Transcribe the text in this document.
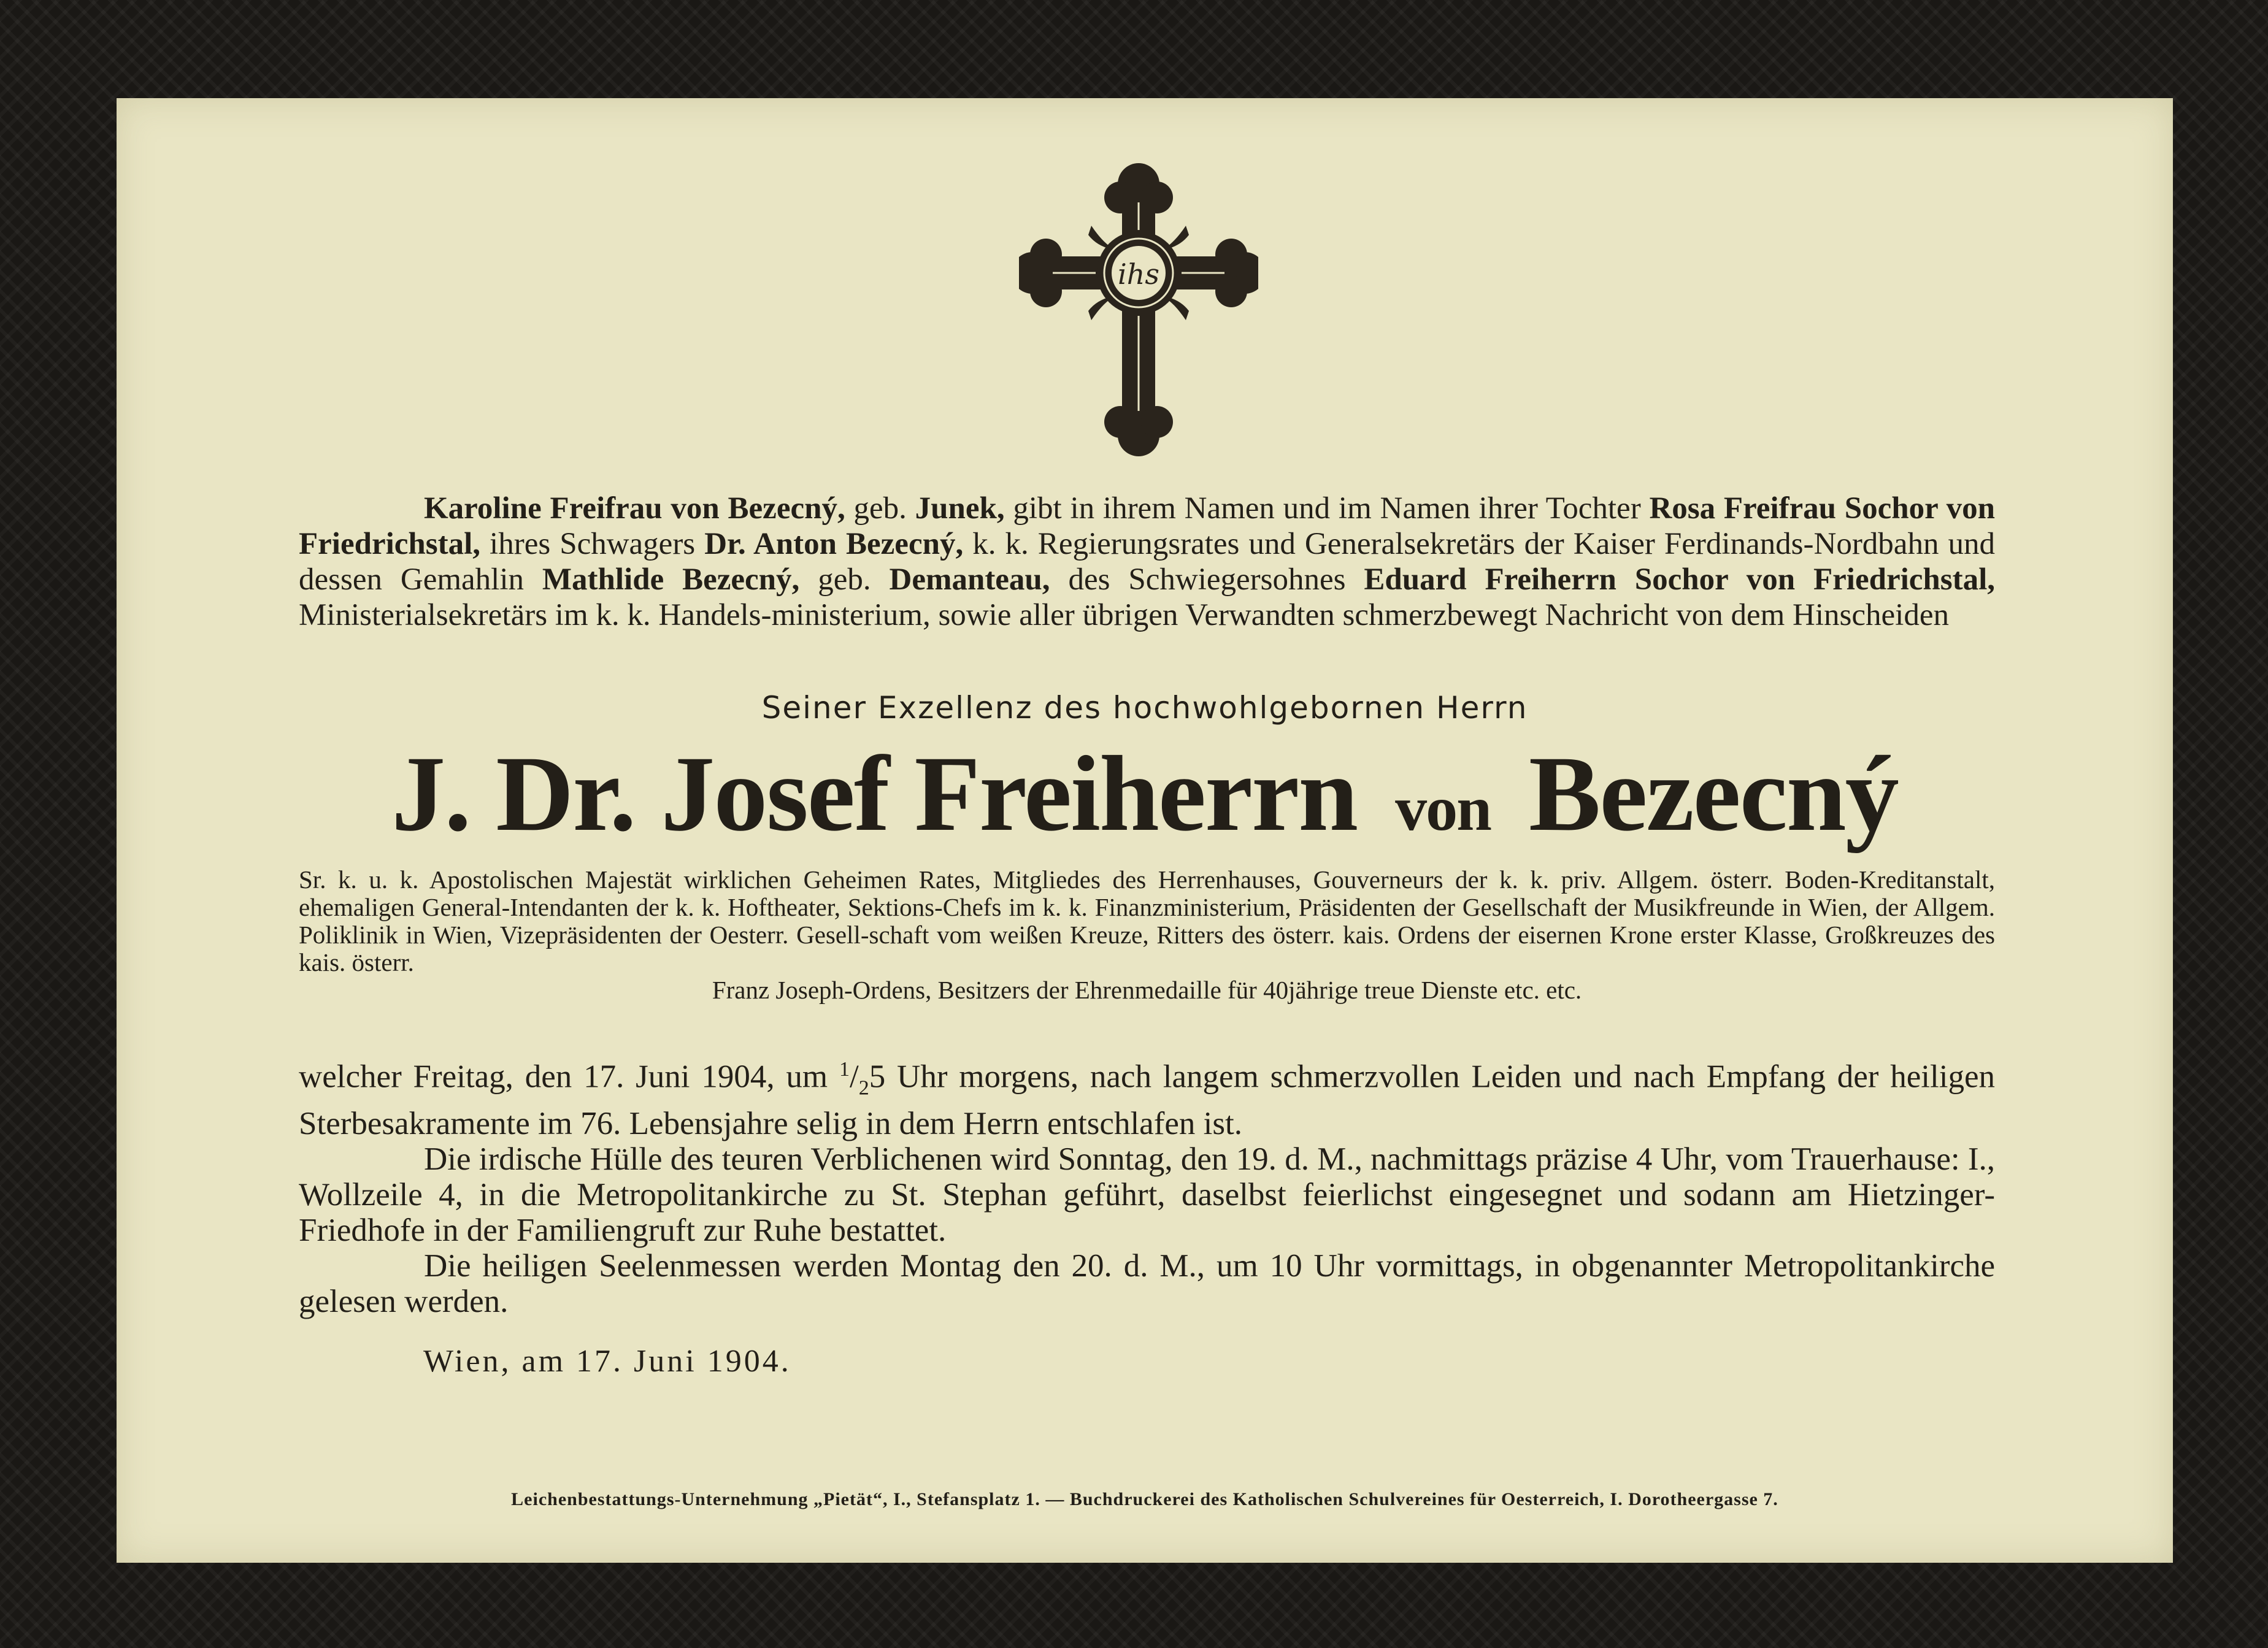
ihs
Karoline Freifrau von Bezecný, geb. Junek, gibt in ihrem Namen und im Namen ihrer Tochter Rosa Freifrau Sochor von Friedrichstal, ihres Schwagers Dr. Anton Bezecný, k. k. Regierungsrates und Generalsekretärs der Kaiser Ferdinands-Nordbahn und dessen Gemahlin Mathlide Bezecný, geb. Demanteau, des Schwiegersohnes Eduard Freiherrn Sochor von Friedrichstal, Ministerialsekretärs im k. k. Handels-ministerium, sowie aller übrigen Verwandten schmerzbewegt Nachricht von dem Hinscheiden
Seiner Exzellenz des hochwohlgebornen Herrn
J. Dr. Josef Freiherrn von Bezecný
Sr. k. u. k. Apostolischen Majestät wirklichen Geheimen Rates, Mitgliedes des Herrenhauses, Gouverneurs der k. k. priv. Allgem. österr. Boden-Kreditanstalt, ehemaligen General-Intendanten der k. k. Hoftheater, Sektions-Chefs im k. k. Finanzministerium, Präsidenten der Gesellschaft der Musikfreunde in Wien, der Allgem. Poliklinik in Wien, Vizepräsidenten der Oesterr. Gesell-schaft vom weißen Kreuze, Ritters des österr. kais. Ordens der eisernen Krone erster Klasse, Großkreuzes des kais. österr.
Franz Joseph-Ordens, Besitzers der Ehrenmedaille für 40jährige treue Dienste etc. etc.

welcher Freitag, den 17. Juni 1904, um $^1/_25$ Uhr morgens, nach langem schmerzvollen Leiden und nach Empfang der heiligen Sterbesakramente im 76. Lebensjahre selig in dem Herrn entschlafen ist.

Die irdische Hülle des teuren Verblichenen wird Sonntag, den 19. d. M., nachmittags präzise 4 Uhr, vom Trauerhause: I., Wollzeile 4, in die Metropolitankirche zu St. Stephan geführt, daselbst feierlichst eingesegnet und sodann am Hietzinger-Friedhofe in der Familiengruft zur Ruhe bestattet.

Die heiligen Seelenmessen werden Montag den 20. d. M., um 10 Uhr vormittags, in obgenannter Metropolitankirche gelesen werden.

Wien, am 17. Juni 1904.
Leichenbestattungs-Unternehmung „Pietät“, I., Stefansplatz 1. — Buchdruckerei des Katholischen Schulvereines für Oesterreich, I. Dorotheergasse 7.
